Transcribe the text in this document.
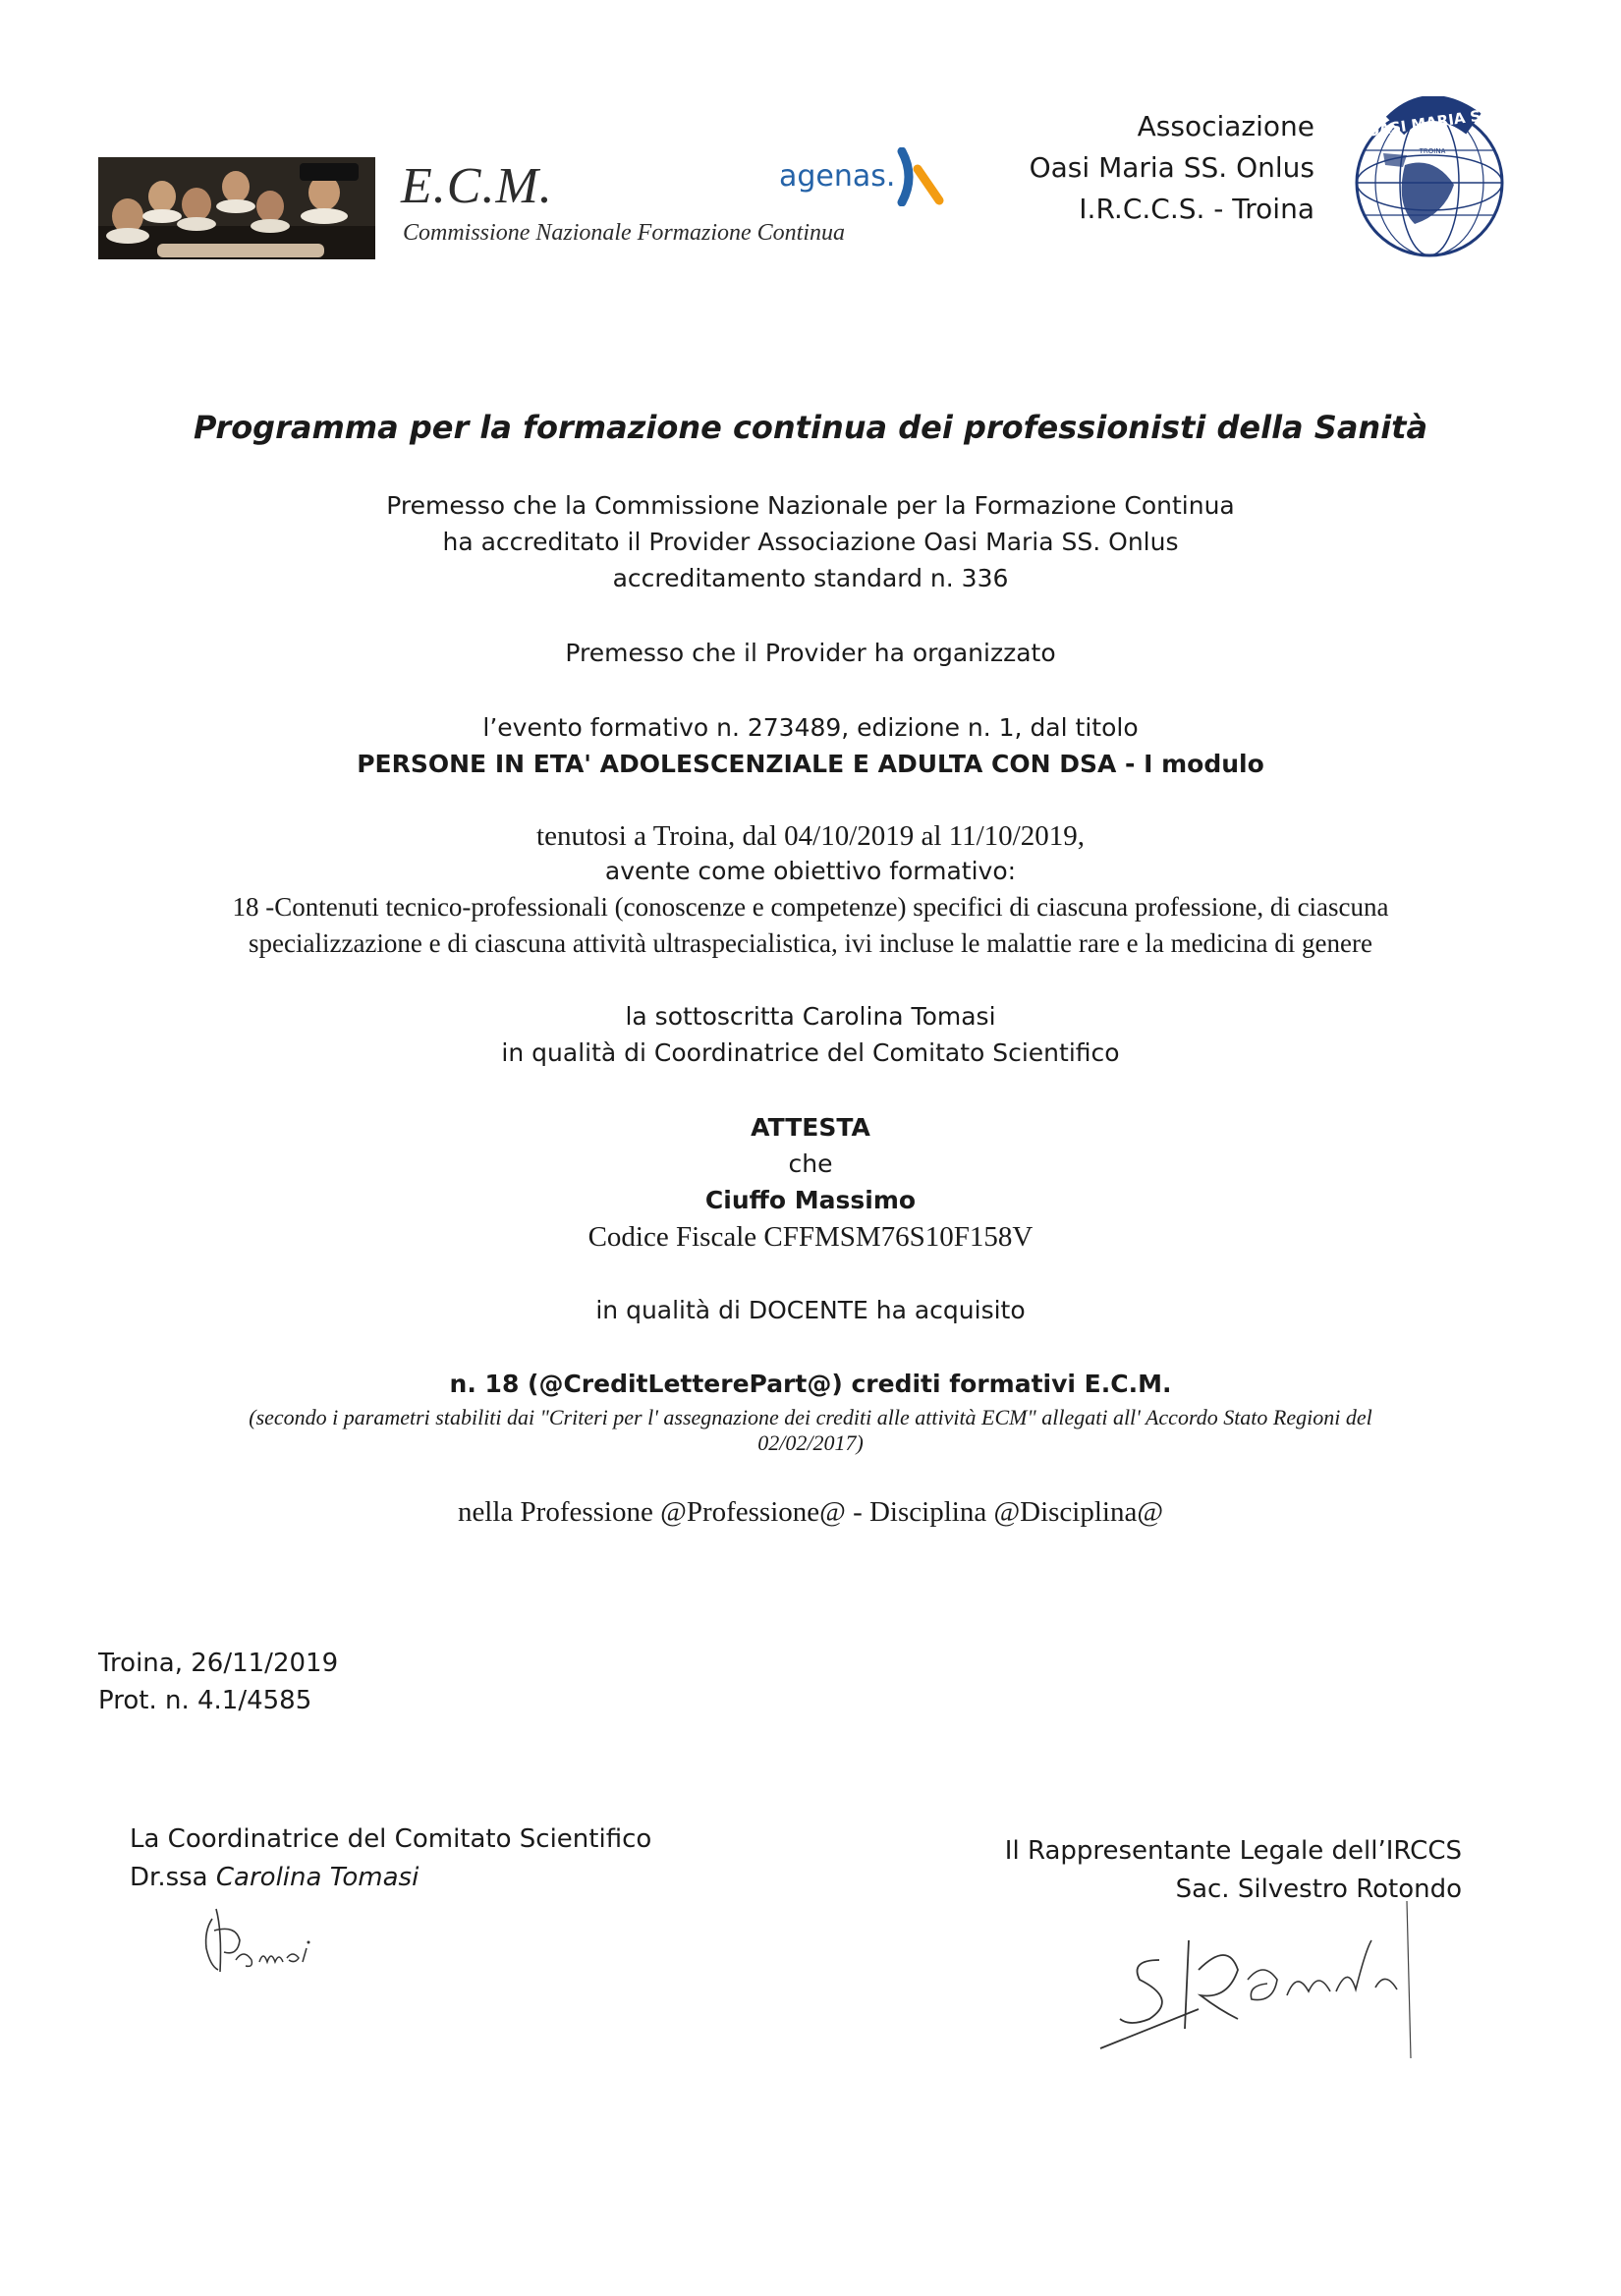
E.C.M.
Commissione Nazionale Formazione Continua
agenas.
Associazione
Oasi Maria SS. Onlus
I.R.C.C.S. - Troina
OASI MARIA SS
TROINA
Programma per la formazione continua dei professionisti della Sanità
Premesso che la Commissione Nazionale per la Formazione Continua
ha accreditato il Provider Associazione Oasi Maria SS. Onlus
accreditamento standard n. 336
Premesso che il Provider ha organizzato
l’evento formativo n. 273489, edizione n. 1, dal titolo
PERSONE IN ETA' ADOLESCENZIALE E ADULTA CON DSA - I modulo
tenutosi a Troina, dal 04/10/2019 al 11/10/2019,
avente come obiettivo formativo:
18 -Contenuti tecnico-professionali (conoscenze e competenze) specifici di ciascuna professione, di ciascuna
specializzazione e di ciascuna attività ultraspecialistica, ivi incluse le malattie rare e la medicina di genere
la sottoscritta Carolina Tomasi
in qualità di Coordinatrice del Comitato Scientifico
ATTESTA
che
Ciuffo Massimo
Codice Fiscale CFFMSM76S10F158V
in qualità di DOCENTE ha acquisito
n. 18 (@CreditLetterePart@) crediti formativi E.C.M.
(secondo i parametri stabiliti dai "Criteri per l' assegnazione dei crediti alle attività ECM" allegati all' Accordo Stato Regioni del
02/02/2017)
nella Professione @Professione@ - Disciplina @Disciplina@
Troina, 26/11/2019
Prot. n. 4.1/4585
La Coordinatrice del Comitato Scientifico
Dr.ssa Carolina Tomasi
Il Rappresentante Legale dell’IRCCS
Sac. Silvestro Rotondo
